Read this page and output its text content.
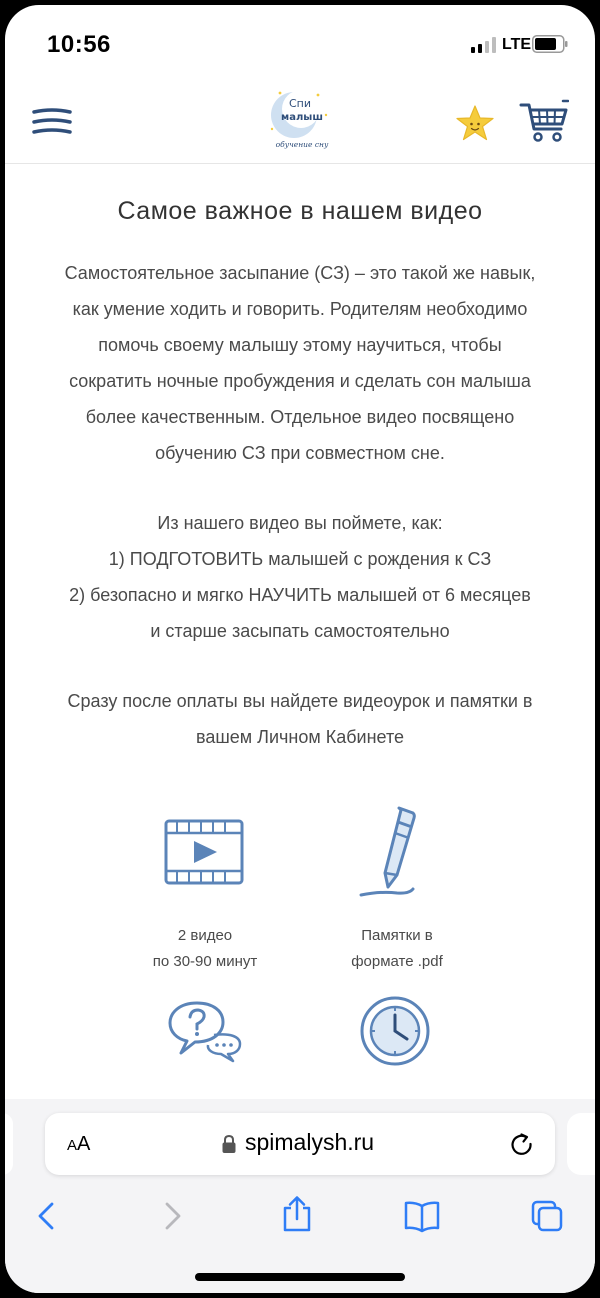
10:56	LTE
Спи
малыш
обучение сну
Самое важное в нашем видео
Самостоятельное засыпание (СЗ) – это такой же навык,
как умение ходить и говорить. Родителям необходимо
помочь своему малышу этому научиться, чтобы
сократить ночные пробуждения и сделать сон малыша
более качественным. Отдельное видео посвящено
обучению СЗ при совместном сне.
Из нашего видео вы поймете, как:
1) ПОДГОТОВИТЬ малышей с рождения к СЗ
2) безопасно и мягко НАУЧИТЬ малышей от 6 месяцев
и старше засыпать самостоятельно
Сразу после оплаты вы найдете видеоурок и памятки в
вашем Личном Кабинете
2 видео
по 30-90 минут
Памятки в
формате .pdf
AA	spimalysh.ru
